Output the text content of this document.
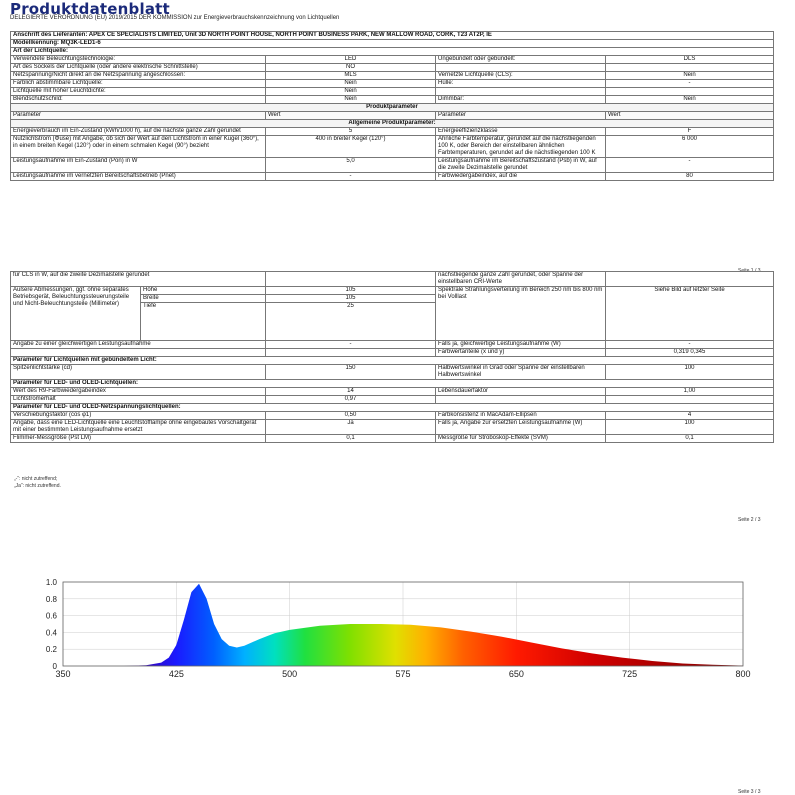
Produktdatenblatt
DELEGIERTE VERORDNUNG (EU) 2019/2015 DER KOMMISSION zur Energieverbrauchskennzeichnung von Lichtquellen
Anschrift des Lieferanten: APEX CE SPECIALISTS LIMITED, Unit 3D NORTH POINT HOUSE, NORTH POINT BUSINESS PARK, NEW MALLOW ROAD, CORK, T23 AT2P, IE			
Modellkennung: MQ3K-LED1-6			
Art der Lichtquelle:			
Verwendete Beleuchtungstechnologie:	LED	Ungebündelt oder gebündelt:	DLS
Art des Sockels der Lichtquelle (oder andere elektrische Schnittstelle)	NO		
Netzspannung/Nicht direkt an die Netzspannung angeschlossen:	MLS	Vernetzte Lichtquelle (CLS):	Nein
Farblich abstimmbare Lichtquelle:	Nein	Hülle:	-
Lichtquelle mit hoher Leuchtdichte:	Nein		
Blendschutzschild:	Nein	Dimmbar:	Nein
Produktparameter			
Parameter	Wert	Parameter	Wert
Allgemeine Produktparameter:			
Energieverbrauch im Ein-Zustand (kWh/1000 h), auf die nächste ganze Zahl gerundet	5	Energieeffizienzklasse	F
Nutzlichtstrom (Φuse) mit Angabe, ob sich der Wert auf den Lichtstrom in einer Kugel (360°), in einem breiten Kegel (120°) oder in einem schmalen Kegel (90°) bezieht	400 in breiter Kegel (120°)	Ähnliche Farbtemperatur, gerundet auf die nächstliegenden 100 K, oder Bereich der einstellbaren ähnlichen Farbtemperaturen, gerundet auf die nächstliegenden 100 K	6 000
Leistungsaufnahme im Ein-Zustand (Pon) in W	5,0	Leistungsaufnahme im Bereitschaftszustand (Psb) in W, auf die zweite Dezimalstelle gerundet	-
Leistungsaufnahme im vernetzten Bereitschaftsbetrieb (Pnet)	-	Farbwiedergabeindex, auf die	80
Seite 1 / 3
für CLS in W, auf die zweite Dezimalstelle gerundet			nächstliegende ganze Zahl gerundet, oder Spanne der einstellbaren CRI-Werte	
Äußere Abmessungen, ggf. ohne separates Betriebsgerät, Beleuchtungssteuerungsteile und Nicht-Beleuchtungsteile (Millimeter)	Höhe	105	Spektrale Strahlungsverteilung im Bereich 250 nm bis 800 nm bei Volllast	Siehe Bild auf letzter Seite
	Breite	105		
	Tiefe	25		
Angabe zu einer gleichwertigen Leistungsaufnahme		-	Falls ja, gleichwertige Leistungsaufnahme (W)	-
			Farbwertanteile (x und y)	0,319 0,345
Parameter für Lichtquellen mit gebündeltem Licht:				
Spitzenlichtstärke (cd)		150	Halbwertswinkel in Grad oder Spanne der einstellbaren Halbwertswinkel	100
Parameter für LED- und OLED-Lichtquellen:				
Wert des R9-Farbwiedergabeindex		14	Lebensdauerfaktor	1,00
Lichtstromerhalt		0,97		
Parameter für LED- und OLED-Netzspannungslichtquellen:				
Verschiebungsfaktor (cos φ1)		0,50	Farbkonsistenz in MacAdam-Ellipsen	4
Angabe, dass eine LED-Lichtquelle eine Leuchtstofflampe ohne eingebautes Vorschaltgerät mit einer bestimmten Leistungsaufnahme ersetzt		Ja	Falls ja, Angabe zur ersetzten Leistungsaufnahme (W)	100
Flimmer-Messgröße (Pst LM)		0,1	Messgröße für Stroboskop-Effekte (SVM)	0,1
„-“: nicht zutreffend;
„Ja“: nicht zutreffend.
Seite 2 / 3
0
0.2
0.4
0.6
0.8
1.0
350	425	500	575	650	725	800
Seite 3 / 3
